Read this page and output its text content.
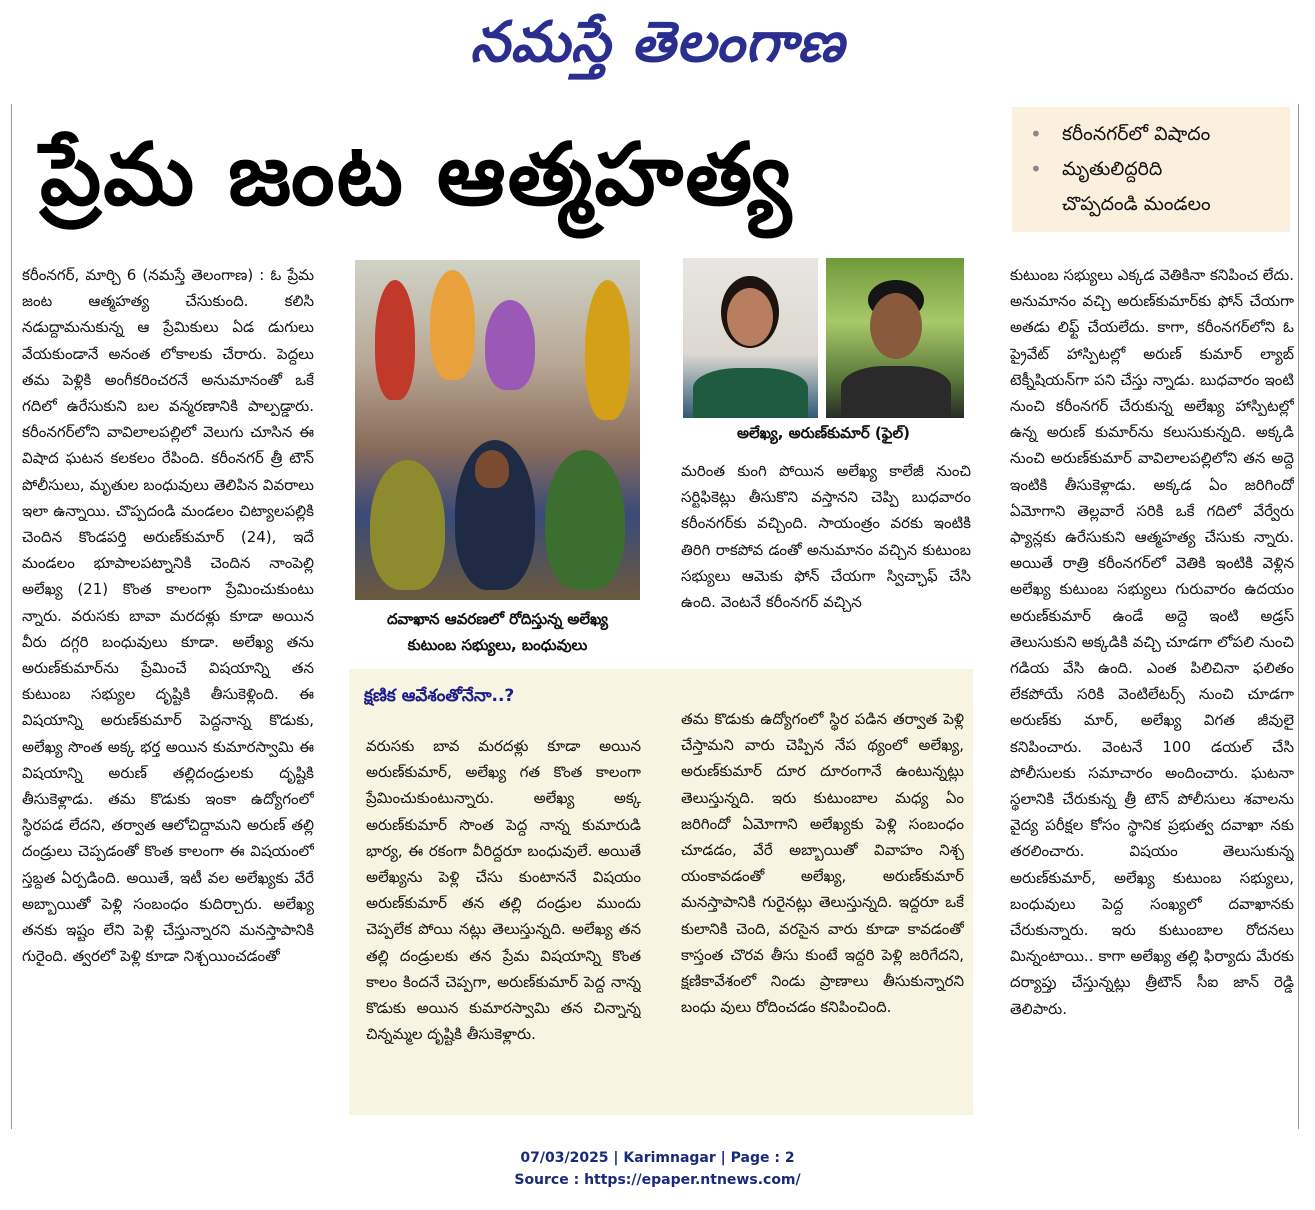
నమస్తే తెలంగాణ
ప్రేమ జంట ఆత్మహత్య
•	కరీంనగర్‌లో విషాదం
• మృతులిద్దరిది
చొప్పదండి మండలం
కరీంనగర్, మార్చి 6 (నమస్తే తెలంగాణ) : ఓ ప్రేమ జంట ఆత్మహత్య చేసుకుంది. కలిసి నడుద్దామనుకున్న ఆ ప్రేమికులు ఏడ డుగులు వేయకుండానే అనంత లోకాలకు చేరారు. పెద్దలు తమ పెళ్లికి అంగీకరించరనే అనుమానంతో ఒకే గదిలో ఉరేసుకుని బల వన్మరణానికి పాల్పడ్డారు. కరీంనగర్‌లోని వావిలాలపల్లిలో వెలుగు చూసిన ఈ విషాద ఘటన కలకలం రేపింది. కరీంనగర్ త్రీ టౌన్ పోలీసులు, మృతుల బంధువులు తెలిపిన వివరాలు ఇలా ఉన్నాయి. చొప్పదండి మండలం చిట్యాలపల్లికి చెందిన కొండపర్తి అరుణ్‌కుమార్ (24), ఇదే మండలం భూపాలపట్నానికి చెందిన నాంపెల్లి అలేఖ్య (21) కొంత కాలంగా ప్రేమించుకుంటు న్నారు. వరుసకు బావా మరదళ్లు కూడా అయిన వీరు దగ్గరి బంధువులు కూడా. అలేఖ్య తను అరుణ్‌కుమార్‌ను ప్రేమించే విషయాన్ని తన కుటుంబ సభ్యుల దృష్టికి తీసుకెళ్లింది. ఈ విషయాన్ని అరుణ్‌కుమార్ పెద్దనాన్న కొడుకు, అలేఖ్య సొంత అక్క భర్త అయిన కుమారస్వామి ఈ విషయాన్ని అరుణ్ తల్లిదండ్రులకు దృష్టికి తీసుకెళ్లాడు. తమ కొడుకు ఇంకా ఉద్యోగంలో స్థిరపడ లేదని, తర్వాత ఆలోచిద్దామని అరుణ్ తల్లి దండ్రులు చెప్పడంతో కొంత కాలంగా ఈ విషయంలో స్తబ్దత ఏర్పడింది. అయితే, ఇటీ వల అలేఖ్యకు వేరే అబ్బాయితో పెళ్లి సంబంధం కుదిర్చారు. అలేఖ్య తనకు ఇష్టం లేని పెళ్లి చేస్తున్నారని మనస్తాపానికి గురైంది. త్వరలో పెళ్లి కూడా నిశ్చయించడంతో
దవాఖాన ఆవరణలో రోదిస్తున్న అలేఖ్య
కుటుంబ సభ్యులు, బంధువులు
అలేఖ్య, అరుణ్‌కుమార్ (ఫైల్)
మరింత కుంగి పోయిన అలేఖ్య కాలేజీ నుంచి సర్టిఫికెట్లు తీసుకొని వస్తానని చెప్పి బుధవారం కరీంనగర్‌కు వచ్చింది. సాయంత్రం వరకు ఇంటికి తిరిగి రాకపోవ డంతో అనుమానం వచ్చిన కుటుంబ సభ్యులు ఆమెకు ఫోన్ చేయగా స్విచ్ఛాఫ్ చేసి ఉంది. వెంటనే కరీంనగర్ వచ్చిన
క్షణిక ఆవేశంతోనేనా..?
వరుసకు బావ మరదళ్లు కూడా అయిన అరుణ్‌కుమార్, అలేఖ్య గత కొంత కాలంగా ప్రేమించుకుంటున్నారు. అలేఖ్య అక్క అరుణ్‌కుమార్ సొంత పెద్ద నాన్న కుమారుడి భార్య, ఈ రకంగా వీరిద్దరూ బంధువులే. అయితే అలేఖ్యను పెళ్లి చేసు కుంటాననే విషయం అరుణ్‌కుమార్ తన తల్లి దండ్రుల ముందు చెప్పలేక పోయి నట్లు తెలుస్తున్నది. అలేఖ్య తన తల్లి దండ్రులకు తన ప్రేమ విషయాన్ని కొంత కాలం కిందనే చెప్పగా, అరుణ్‌కుమార్ పెద్ద నాన్న కొడుకు అయిన కుమారస్వామి తన చిన్నాన్న చిన్నమ్మల దృష్టికి తీసుకెళ్లారు.
తమ కొడుకు ఉద్యోగంలో స్థిర పడిన తర్వాత పెళ్లి చేస్తామని వారు చెప్పిన నేప థ్యంలో అలేఖ్య, అరుణ్‌కుమార్ దూర దూరంగానే ఉంటున్నట్లు తెలుస్తున్నది. ఇరు కుటుంబాల మధ్య ఏం జరిగిందో ఏమోగాని అలేఖ్యకు పెళ్లి సంబంధం చూడడం, వేరే అబ్బాయితో వివాహం నిశ్చ యంకావడంతో అలేఖ్య, అరుణ్‌కుమార్ మనస్తాపానికి గురైనట్లు తెలుస్తున్నది. ఇద్దరూ ఒకే కులానికి చెంది, వరసైన వారు కూడా కావడంతో కాస్తంత చొరవ తీసు కుంటే ఇద్దరి పెళ్లి జరిగేదని, క్షణికావేశంలో నిండు ప్రాణాలు తీసుకున్నారని బంధు వులు రోదించడం కనిపించింది.
కుటుంబ సభ్యులు ఎక్కడ వెతికినా కనిపించ లేదు. అనుమానం వచ్చి అరుణ్‌కుమార్‌కు ఫోన్ చేయగా అతడు లిఫ్ట్ చేయలేదు. కాగా, కరీంనగర్‌లోని ఓ ప్రైవేట్ హాస్పిటల్లో అరుణ్ కుమార్ ల్యాబ్ టెక్నీషియన్‌గా పని చేస్తు న్నాడు. బుధవారం ఇంటి నుంచి కరీంనగర్ చేరుకున్న అలేఖ్య హాస్పిటల్లో ఉన్న అరుణ్ కుమార్‌ను కలుసుకున్నది. అక్కడి నుంచి అరుణ్‌కుమార్ వావిలాలపల్లిలోని తన అద్దె ఇంటికి తీసుకెళ్లాడు. అక్కడ ఏం జరిగిందో ఏమోగాని తెల్లవారే సరికి ఒకే గదిలో వేర్వేరు ఫ్యాన్లకు ఉరేసుకుని ఆత్మహత్య చేసుకు న్నారు. అయితే రాత్రి కరీంనగర్‌లో వెతికి ఇంటికి వెళ్లిన అలేఖ్య కుటుంబ సభ్యులు గురువారం ఉదయం అరుణ్‌కుమార్ ఉండే అద్దె ఇంటి అడ్రస్ తెలుసుకుని అక్కడికి వచ్చి చూడగా లోపలి నుంచి గడియ వేసి ఉంది. ఎంత పిలిచినా ఫలితం లేకపోయే సరికి వెంటిలేటర్స్ నుంచి చూడగా అరుణ్‌కు మార్, అలేఖ్య విగత జీవులై కనిపించారు. వెంటనే 100 డయల్ చేసి పోలీసులకు సమాచారం అందించారు. ఘటనా స్థలానికి చేరుకున్న త్రీ టౌన్ పోలీసులు శవాలను వైద్య పరీక్షల కోసం స్థానిక ప్రభుత్వ దవాఖా నకు తరలించారు. విషయం తెలుసుకున్న అరుణ్‌కుమార్, అలేఖ్య కుటుంబ సభ్యులు, బంధువులు పెద్ద సంఖ్యలో దవాఖానకు చేరుకున్నారు. ఇరు కుటుంబాల రోదనలు మిన్నంటాయి.. కాగా అలేఖ్య తల్లి ఫిర్యాదు మేరకు దర్యాప్తు చేస్తున్నట్లు త్రీటౌన్ సీఐ జాన్ రెడ్డి తెలిపారు.
07/03/2025 | Karimnagar | Page : 2
Source : https://epaper.ntnews.com/
